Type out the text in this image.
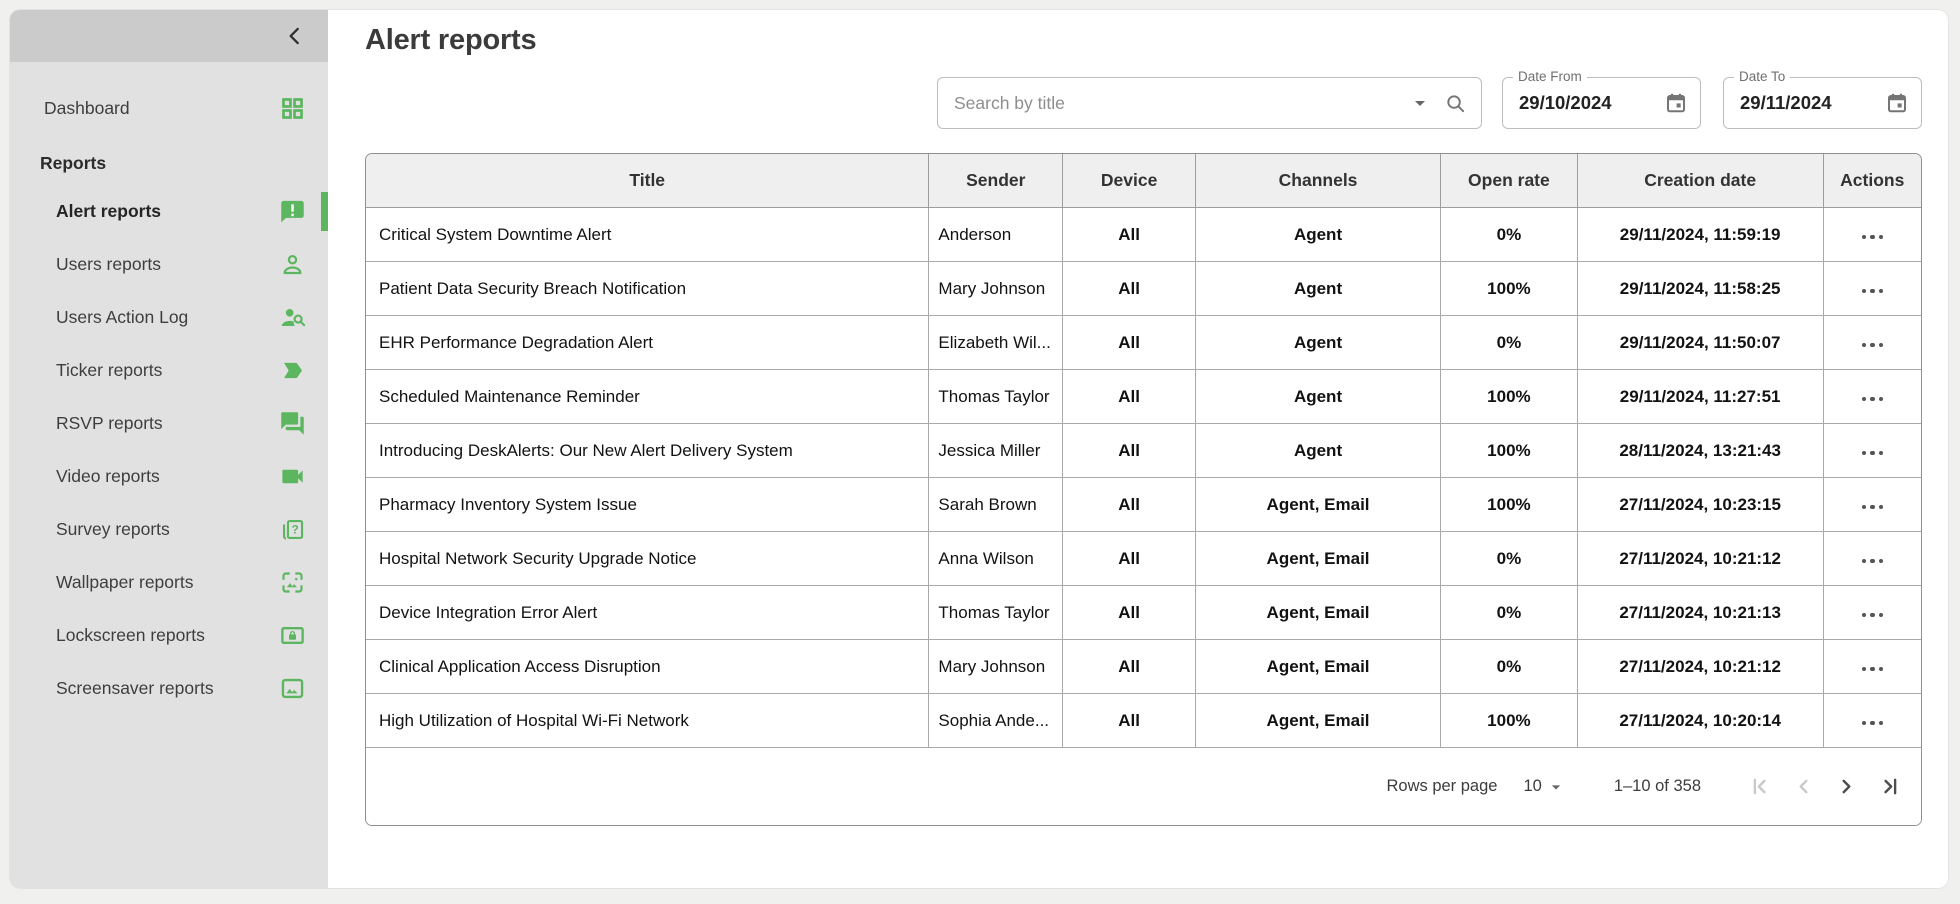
Dashboard
Reports
Alert reports
Users reports
Users Action Log
Ticker reports
RSVP reports
Video reports
Survey reports
Wallpaper reports
Lockscreen reports
Screensaver reports
Alert reports
Search by title
Date From
29/10/2024
Date To
29/11/2024
Title	Sender	Device	Channels	Open rate	Creation date	Actions
Critical System Downtime Alert	Anderson	All	Agent	0%	29/11/2024, 11:59:19	

Patient Data Security Breach Notification	Mary Johnson	All	Agent	100%	29/11/2024, 11:58:25	

EHR Performance Degradation Alert	Elizabeth Wil...	All	Agent	0%	29/11/2024, 11:50:07	

Scheduled Maintenance Reminder	Thomas Taylor	All	Agent	100%	29/11/2024, 11:27:51	

Introducing DeskAlerts: Our New Alert Delivery System	Jessica Miller	All	Agent	100%	28/11/2024, 13:21:43	

Pharmacy Inventory System Issue	Sarah Brown	All	Agent, Email	100%	27/11/2024, 10:23:15	

Hospital Network Security Upgrade Notice	Anna Wilson	All	Agent, Email	0%	27/11/2024, 10:21:12	

Device Integration Error Alert	Thomas Taylor	All	Agent, Email	0%	27/11/2024, 10:21:13	

Clinical Application Access Disruption	Mary Johnson	All	Agent, Email	0%	27/11/2024, 10:21:12	

High Utilization of Hospital Wi-Fi Network	Sophia Ande...	All	Agent, Email	100%	27/11/2024, 10:20:14	
Rows per page 10	1–10 of 358
